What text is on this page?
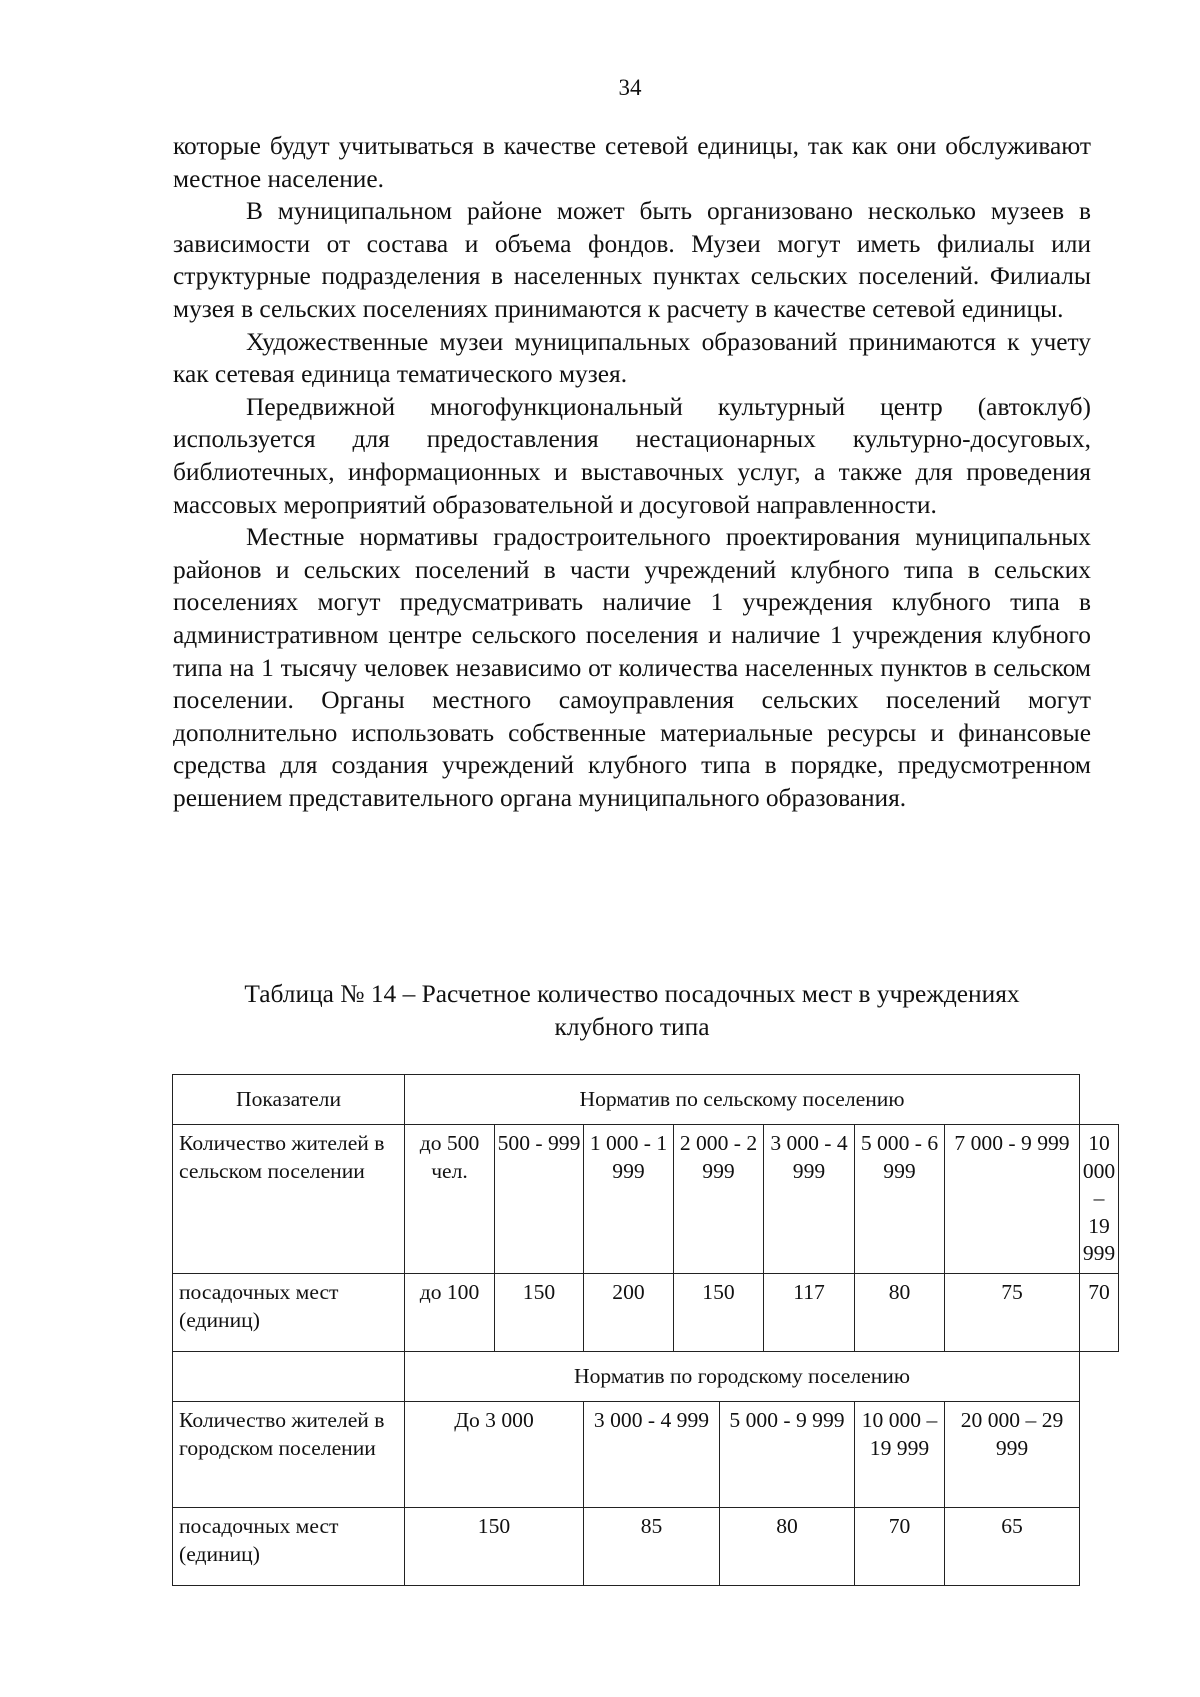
34

которые будут учитываться в качестве сетевой единицы, так как они обслуживают местное население.

В муниципальном районе может быть организовано несколько музеев в зависимости от состава и объема фондов. Музеи могут иметь филиалы или структурные подразделения в населенных пунктах сельских поселений. Филиалы музея в сельских поселениях принимаются к расчету в качестве сетевой единицы.

Художественные музеи муниципальных образований принимаются к учету как сетевая единица тематического музея.

Передвижной многофункциональный культурный центр (автоклуб) используется для предоставления нестационарных культурно-досуговых, библиотечных, информационных и выставочных услуг, а также для проведения массовых мероприятий образовательной и досуговой направленности.

Местные нормативы градостроительного проектирования муниципальных районов и сельских поселений в части учреждений клубного типа в сельских поселениях могут предусматривать наличие 1 учреждения клубного типа в административном центре сельского поселения и наличие 1 учреждения клубного типа на 1 тысячу человек независимо от количества населенных пунктов в сельском поселении. Органы местного самоуправления сельских поселений могут дополнительно использовать собственные материальные ресурсы и финансовые средства для создания учреждений клубного типа в порядке, предусмотренном решением представительного органа муниципального образования.

Таблица № 14 – Расчетное количество посадочных мест в учреждениях
клубного типа
Показатели	Норматив по сельскому поселению								
Количество жителей в сельском поселении	до 500 чел.	500 - 999	1 000 - 1 999	2 000 - 2 999		3 000 - 4 999	5 000 - 6 999	7 000 - 9 999	10 000 – 19 999
посадочных мест (единиц)	до 100	150	200	150		117	80	75	70
	Норматив по городскому поселению								
Количество жителей в городском поселении	До 3 000		3 000 - 4 999		5 000 - 9 999		10 000 – 19 999	20 000 – 29 999	
посадочных мест (единиц)	150		85		80		70	65	
